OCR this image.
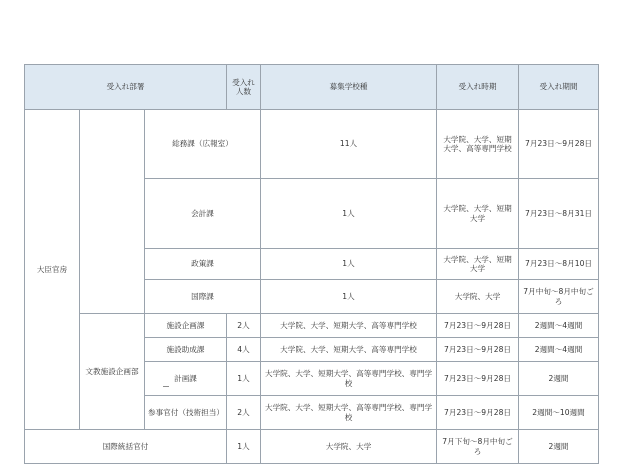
受入れ部署			受入れ人数	募集学校種	受入れ時期	受入れ期間	
大臣官房		総務課（広報室）		11人	大学院、大学、短期大学、高等専門学校	7月23日～9月28日	
		会計課		1人	大学院、大学、短期大学	7月23日～8月31日	
		政策課		1人	大学院、大学、短期大学	7月23日～8月10日	
		国際課		1人	大学院、大学	7月中旬～8月中旬ごろ	
	文教施設企画部	施設企画課	2人	大学院、大学、短期大学、高等専門学校	7月23日～9月28日	2週間～4週間	
		施設助成課	4人	大学院、大学、短期大学、高等専門学校	7月23日～9月28日	2週間～4週間	
		計画課	1人	大学院、大学、短期大学、高等専門学校、専門学校	7月23日～9月28日	2週間	
		参事官付（技術担当）	2人	大学院、大学、短期大学、高等専門学校、専門学校	7月23日～9月28日	2週間～10週間	
国際統括官付			1人	大学院、大学	7月下旬～8月中旬ごろ	2週間	
